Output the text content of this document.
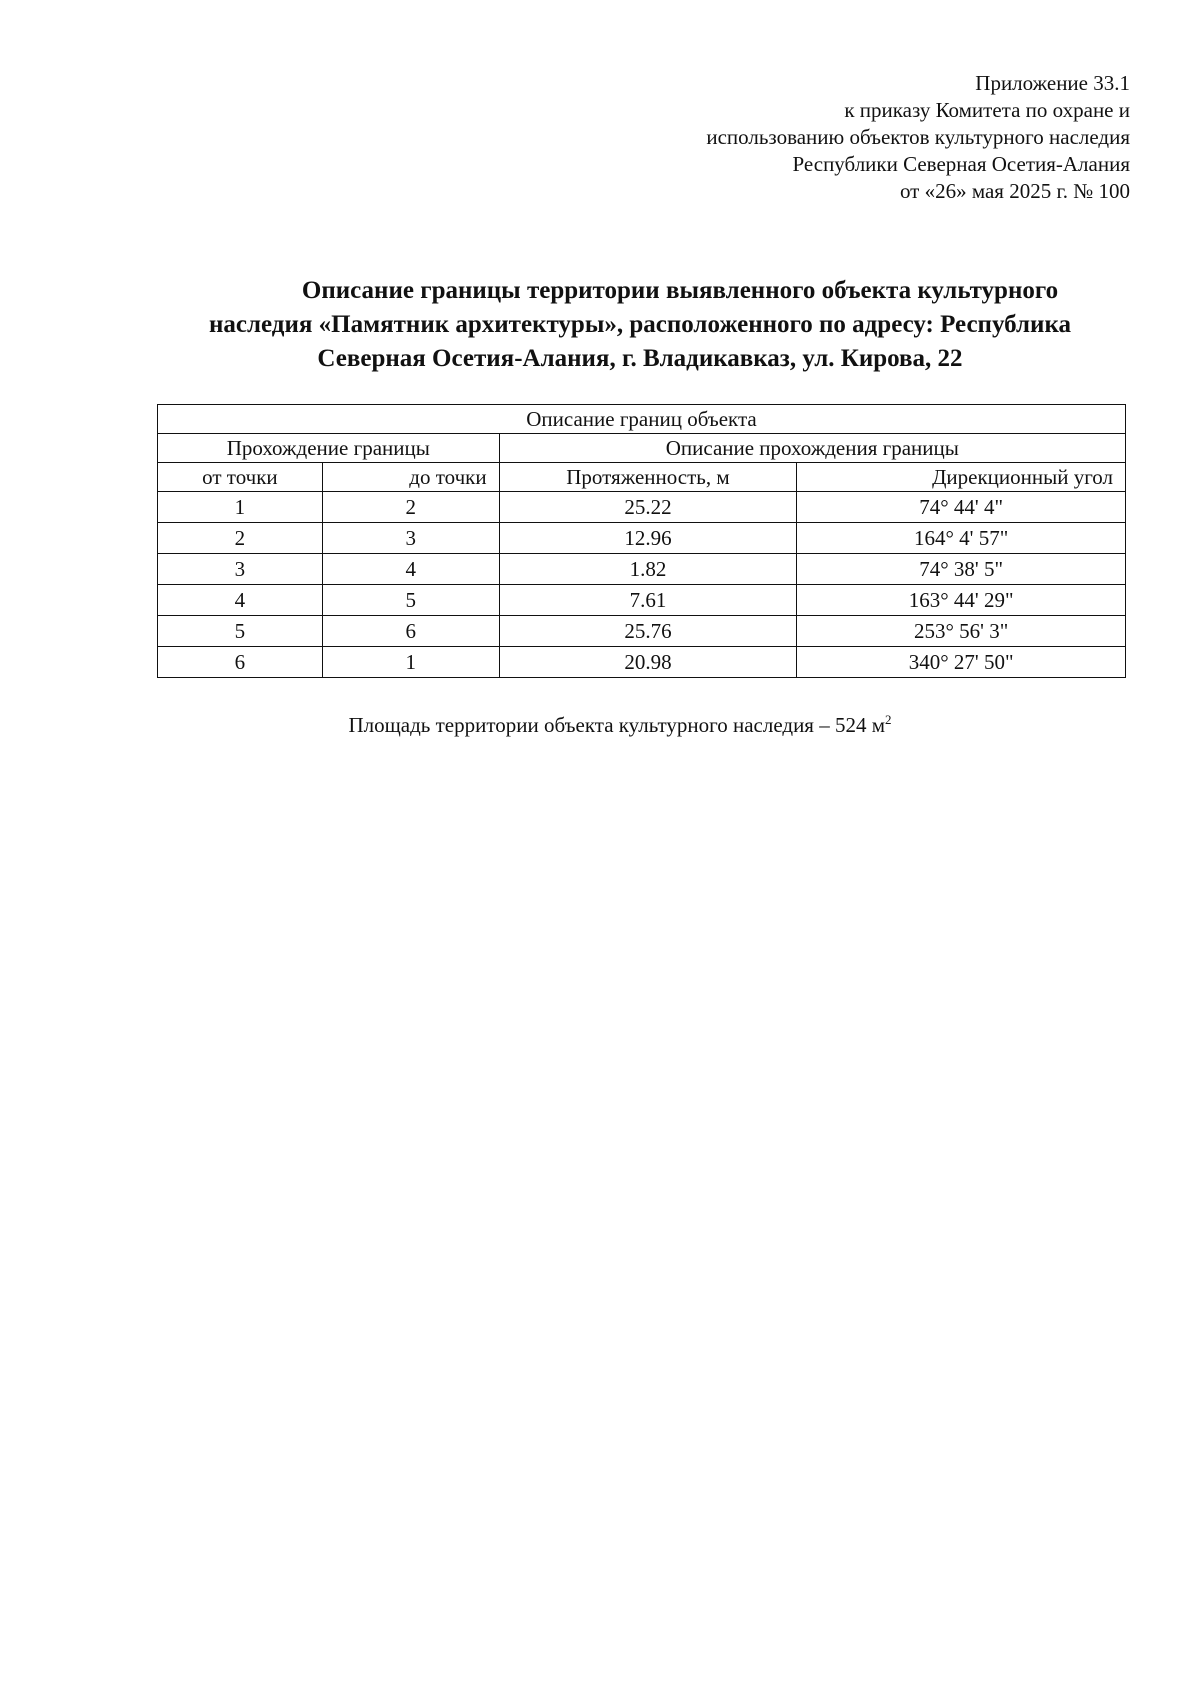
Приложение 33.1
к приказу Комитета по охране и
использованию объектов культурного наследия
Республики Северная Осетия-Алания
от «26» мая 2025 г. № 100
Описание границы территории выявленного объекта культурного
наследия «Памятник архитектуры», расположенного по адресу: Республика
Северная Осетия-Алания, г. Владикавказ, ул. Кирова, 22
Описание границ объекта			
Прохождение границы		Описание прохождения границы	
от точки	до точки	Протяженность, м	Дирекционный угол
1	2	25.22	74° 44' 4"
2	3	12.96	164° 4' 57"
3	4	1.82	74° 38' 5"
4	5	7.61	163° 44' 29"
5	6	25.76	253° 56' 3"
6	1	20.98	340° 27' 50"
Площадь территории объекта культурного наследия – 524 $м^2$
